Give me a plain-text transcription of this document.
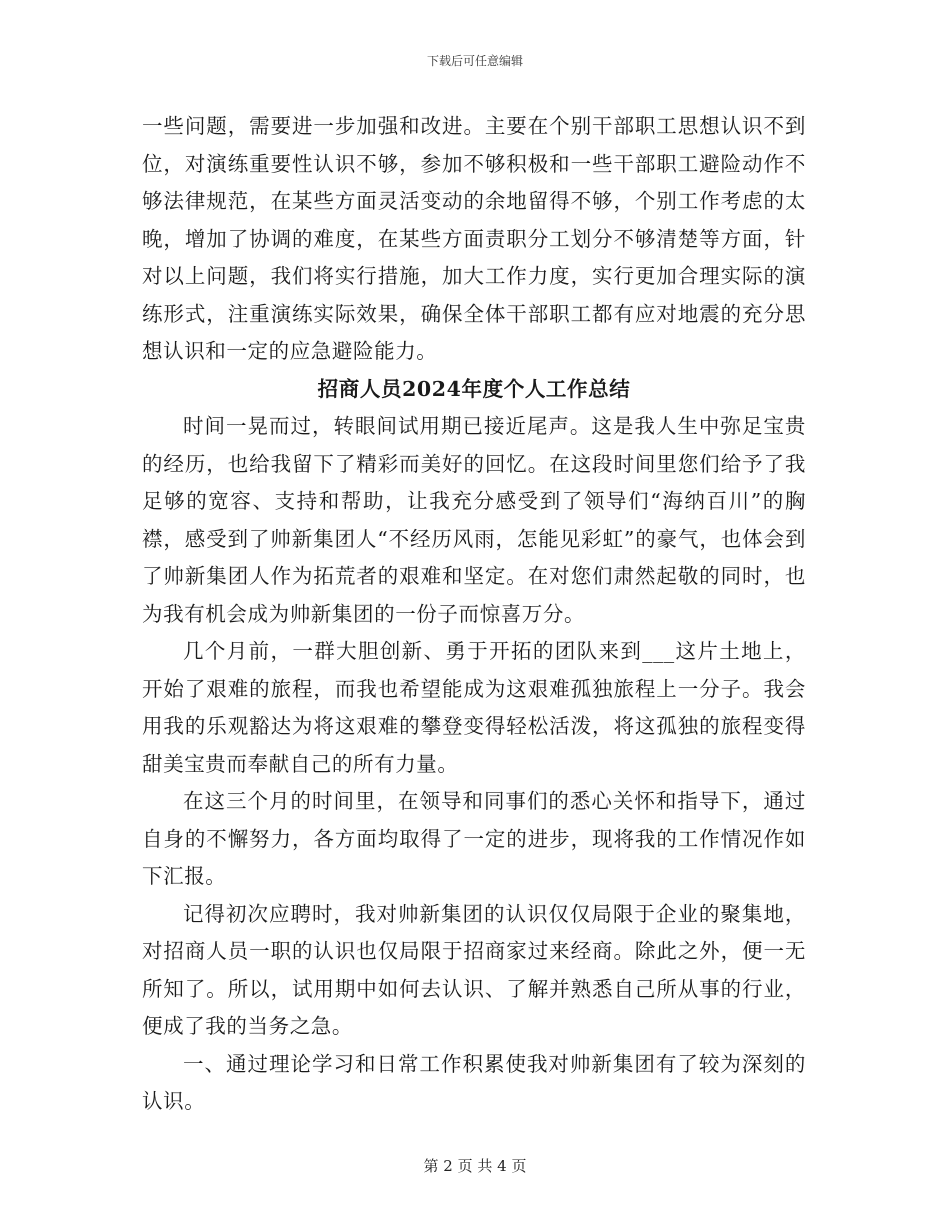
下载后可任意编辑

一些问题，需要进一步加强和改进。主要在个别干部职工思想认识不到位，对演练重要性认识不够，参加不够积极和一些干部职工避险动作不够法律规范，在某些方面灵活变动的余地留得不够，个别工作考虑的太晚，增加了协调的难度，在某些方面责职分工划分不够清楚等方面，针对以上问题，我们将实行措施，加大工作力度，实行更加合理实际的演练形式，注重演练实际效果，确保全体干部职工都有应对地震的充分思想认识和一定的应急避险能力。

招商人员2024年度个人工作总结

时间一晃而过，转眼间试用期已接近尾声。这是我人生中弥足宝贵的经历，也给我留下了精彩而美好的回忆。在这段时间里您们给予了我足够的宽容、支持和帮助，让我充分感受到了领导们“海纳百川”的胸襟，感受到了帅新集团人“不经历风雨，怎能见彩虹”的豪气，也体会到了帅新集团人作为拓荒者的艰难和坚定。在对您们肃然起敬的同时，也为我有机会成为帅新集团的一份子而惊喜万分。

几个月前，一群大胆创新、勇于开拓的团队来到___这片土地上，开始了艰难的旅程，而我也希望能成为这艰难孤独旅程上一分子。我会用我的乐观豁达为将这艰难的攀登变得轻松活泼，将这孤独的旅程变得甜美宝贵而奉献自己的所有力量。

在这三个月的时间里，在领导和同事们的悉心关怀和指导下，通过自身的不懈努力，各方面均取得了一定的进步，现将我的工作情况作如下汇报。

记得初次应聘时，我对帅新集团的认识仅仅局限于企业的聚集地，对招商人员一职的认识也仅局限于招商家过来经商。除此之外，便一无所知了。所以，试用期中如何去认识、了解并熟悉自己所从事的行业，便成了我的当务之急。

一、通过理论学习和日常工作积累使我对帅新集团有了较为深刻的认识。

第 2 页 共 4 页
